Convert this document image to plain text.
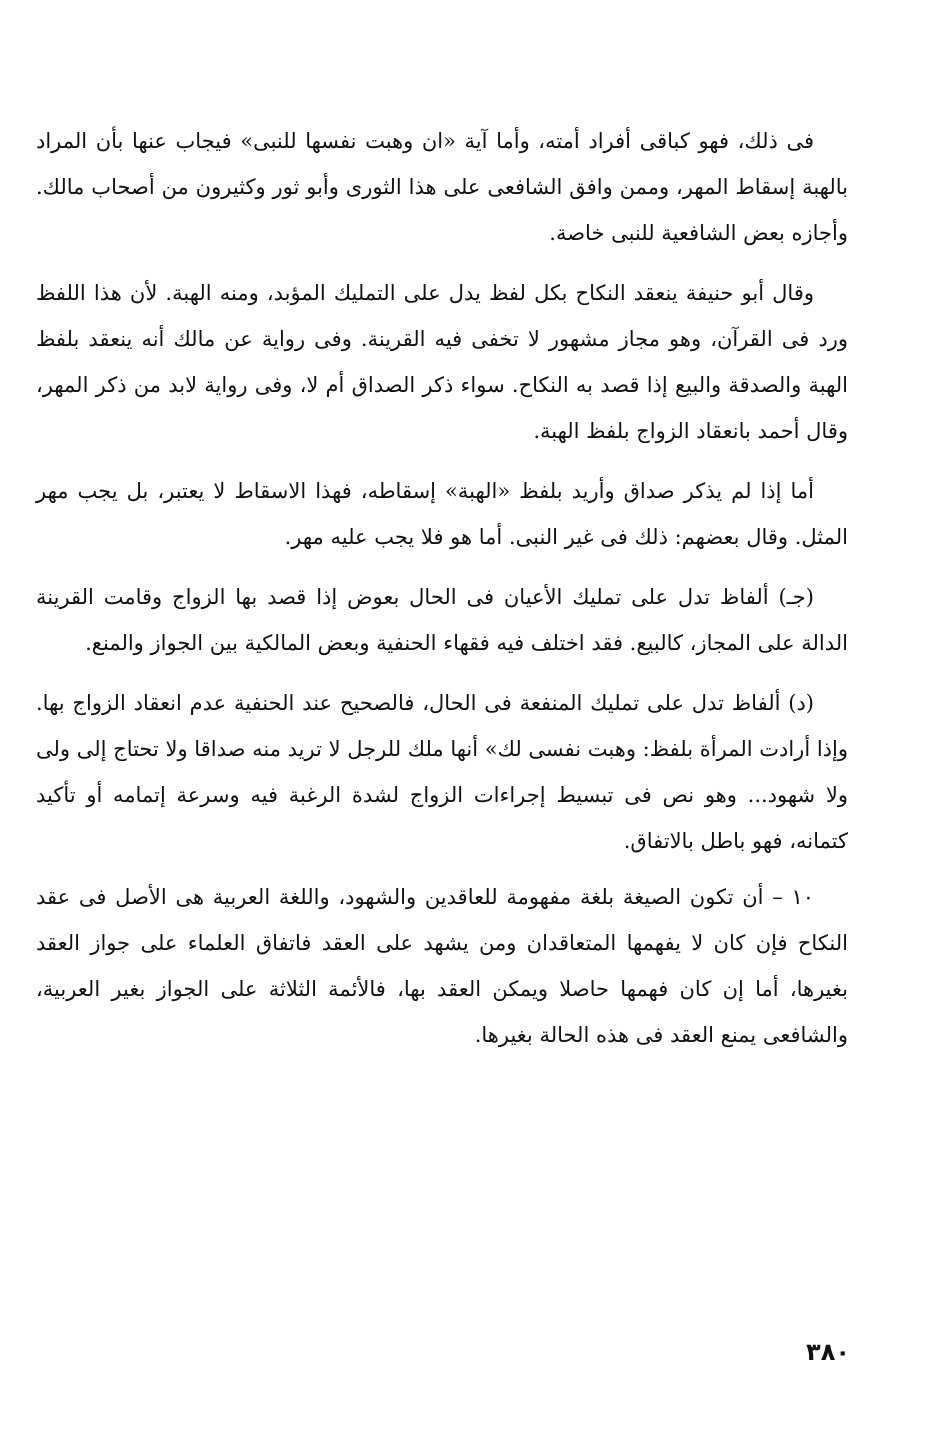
فى ذلك، فهو كباقى أفراد أمته، وأما آية «ان وهبت نفسها للنبى» فيجاب عنها بأن المراد بالهبة إسقاط المهر، وممن وافق الشافعى على هذا الثورى وأبو ثور وكثيرون من أصحاب مالك. وأجازه بعض الشافعية للنبى خاصة.

وقال أبو حنيفة ينعقد النكاح بكل لفظ يدل على التمليك المؤبد، ومنه الهبة. لأن هذا اللفظ ورد فى القرآن، وهو مجاز مشهور لا تخفى فيه القرينة. وفى رواية عن مالك أنه ينعقد بلفظ الهبة والصدقة والبيع إذا قصد به النكاح. سواء ذكر الصداق أم لا، وفى رواية لابد من ذكر المهر، وقال أحمد بانعقاد الزواج بلفظ الهبة.

أما إذا لم يذكر صداق وأريد بلفظ «الهبة» إسقاطه، فهذا الاسقاط لا يعتبر، بل يجب مهر المثل. وقال بعضهم: ذلك فى غير النبى. أما هو فلا يجب عليه مهر.

(جـ) ألفاظ تدل على تمليك الأعيان فى الحال بعوض إذا قصد بها الزواج وقامت القرينة الدالة على المجاز، كالبيع. فقد اختلف فيه فقهاء الحنفية وبعض المالكية بين الجواز والمنع.

(د) ألفاظ تدل على تمليك المنفعة فى الحال، فالصحيح عند الحنفية عدم انعقاد الزواج بها. وإذا أرادت المرأة بلفظ: وهبت نفسى لك» أنها ملك للرجل لا تريد منه صداقا ولا تحتاج إلى ولى ولا شهود... وهو نص فى تبسيط إجراءات الزواج لشدة الرغبة فيه وسرعة إتمامه أو تأكيد كتمانه، فهو باطل بالاتفاق.

١٠ – أن تكون الصيغة بلغة مفهومة للعاقدين والشهود، واللغة العربية هى الأصل فى عقد النكاح فإن كان لا يفهمها المتعاقدان ومن يشهد على العقد فاتفاق العلماء على جواز العقد بغيرها، أما إن كان فهمها حاصلا ويمكن العقد بها، فالأئمة الثلاثة على الجواز بغير العربية، والشافعى يمنع العقد فى هذه الحالة بغيرها.

٣٨٠
